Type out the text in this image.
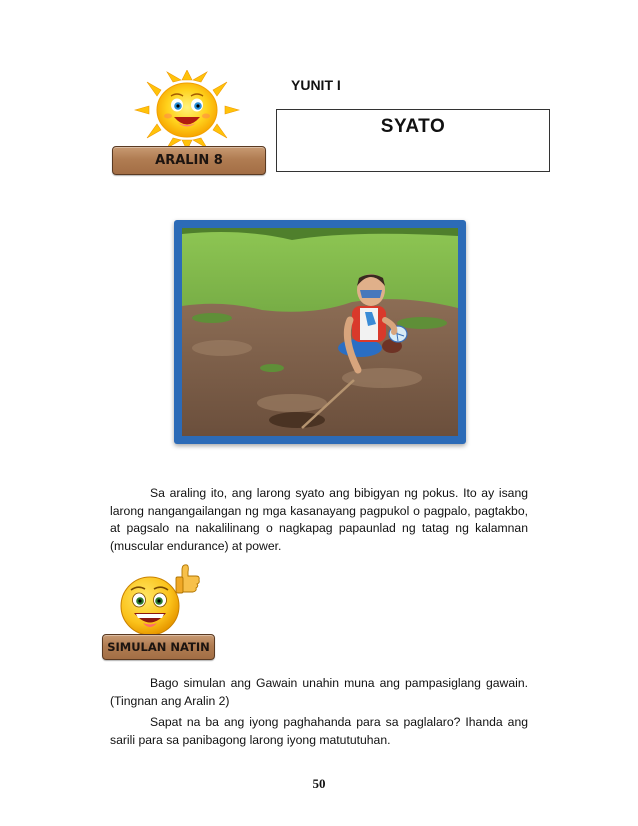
ARALIN 8
YUNIT I
SYATO

Sa araling ito, ang larong syato ang bibigyan ng pokus. Ito ay isang larong nangangailangan ng mga kasanayang pagpukol o pagpalo, pagtakbo, at pagsalo na nakalilinang o nagkapag papaunlad ng tatag ng kalamnan (muscular endurance) at power.

SIMULAN NATIN

Bago simulan ang Gawain unahin muna ang pampasiglang gawain. (Tingnan ang Aralin 2)

Sapat na ba ang iyong paghahanda para sa paglalaro? Ihanda ang sarili para sa panibagong larong iyong matututuhan.

50
